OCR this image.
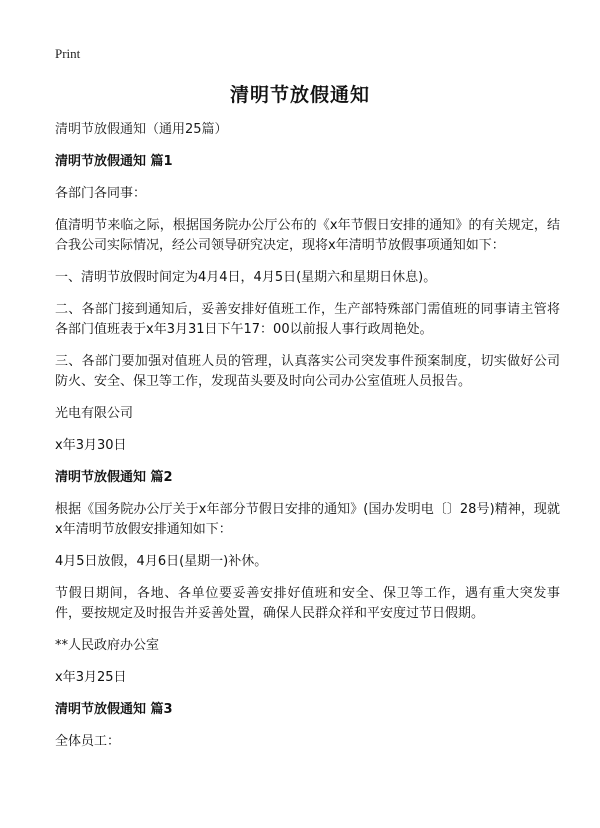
Print
清明节放假通知
清明节放假通知（通用25篇）
清明节放假通知 篇1
各部门各同事：
值清明节来临之际，根据国务院办公厅公布的《x年节假日安排的通知》的有关规定，结合我公司实际情况，经公司领导研究决定，现将x年清明节放假事项通知如下：
一、清明节放假时间定为4月4日，4月5日(星期六和星期日休息)。
二、各部门接到通知后，妥善安排好值班工作，生产部特殊部门需值班的同事请主管将各部门值班表于x年3月31日下午17：00以前报人事行政周艳处。
三、各部门要加强对值班人员的管理，认真落实公司突发事件预案制度，切实做好公司防火、安全、保卫等工作，发现苗头要及时向公司办公室值班人员报告。
光电有限公司
x年3月30日
清明节放假通知 篇2
根据《国务院办公厅关于x年部分节假日安排的通知》(国办发明电〔〕28号)精神，现就x年清明节放假安排通知如下：
4月5日放假，4月6日(星期一)补休。
节假日期间，各地、各单位要妥善安排好值班和安全、保卫等工作，遇有重大突发事件，要按规定及时报告并妥善处置，确保人民群众祥和平安度过节日假期。
**人民政府办公室
x年3月25日
清明节放假通知 篇3
全体员工：
